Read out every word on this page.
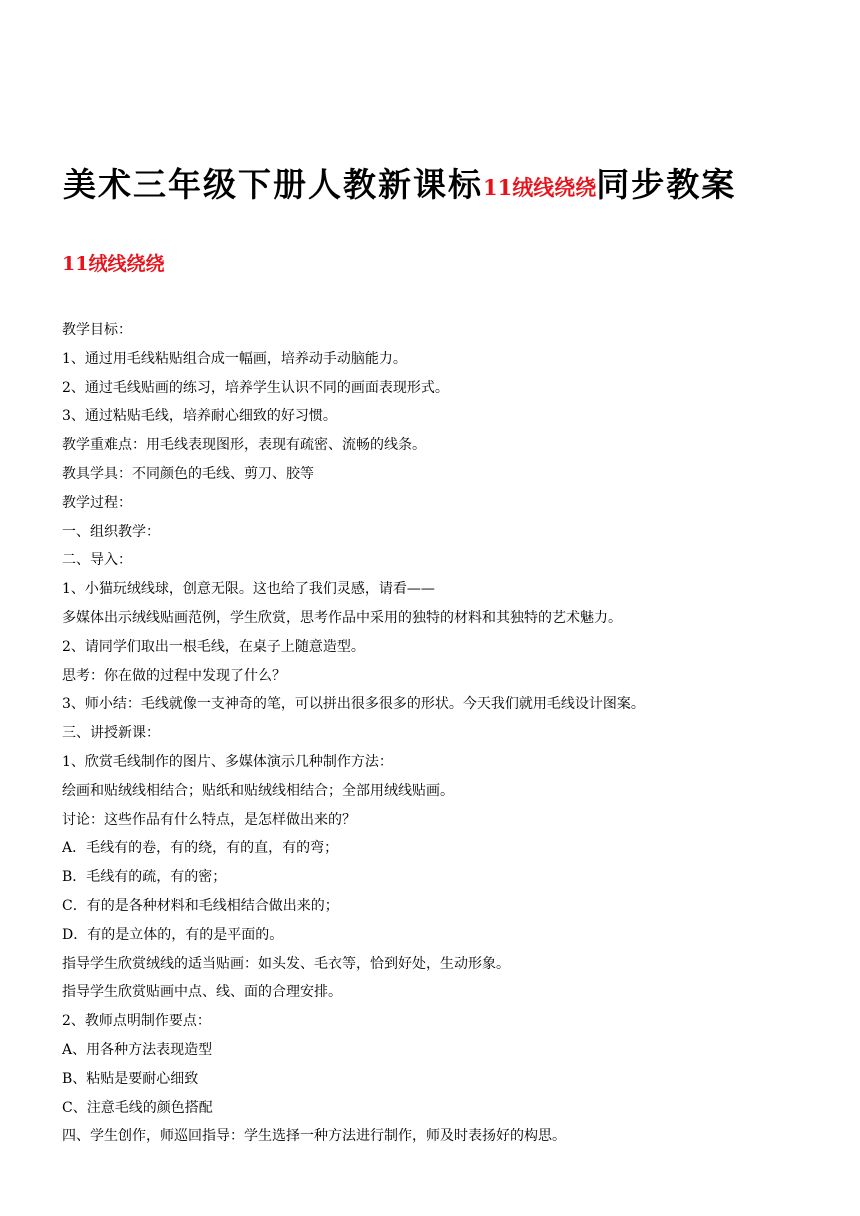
美术三年级下册人教新课标11绒线绕绕同步教案
11绒线绕绕
教学目标：
1、通过用毛线粘贴组合成一幅画，培养动手动脑能力。
2、通过毛线贴画的练习，培养学生认识不同的画面表现形式。
3、通过粘贴毛线，培养耐心细致的好习惯。
教学重难点：用毛线表现图形，表现有疏密、流畅的线条。
教具学具：不同颜色的毛线、剪刀、胶等
教学过程：
一、组织教学：
二、导入：
1、小猫玩绒线球，创意无限。这也给了我们灵感，请看——
多媒体出示绒线贴画范例，学生欣赏，思考作品中采用的独特的材料和其独特的艺术魅力。
2、请同学们取出一根毛线，在桌子上随意造型。
思考：你在做的过程中发现了什么？
3、师小结：毛线就像一支神奇的笔，可以拼出很多很多的形状。今天我们就用毛线设计图案。
三、讲授新课：
1、欣赏毛线制作的图片、多媒体演示几种制作方法：
绘画和贴绒线相结合；贴纸和贴绒线相结合；全部用绒线贴画。
讨论：这些作品有什么特点，是怎样做出来的？
A．毛线有的卷，有的绕，有的直，有的弯；
B．毛线有的疏，有的密；
C．有的是各种材料和毛线相结合做出来的；
D．有的是立体的，有的是平面的。
指导学生欣赏绒线的适当贴画：如头发、毛衣等，恰到好处，生动形象。
指导学生欣赏贴画中点、线、面的合理安排。
2、教师点明制作要点：
A、用各种方法表现造型
B、粘贴是要耐心细致
C、注意毛线的颜色搭配
四、学生创作，师巡回指导：学生选择一种方法进行制作，师及时表扬好的构思。
